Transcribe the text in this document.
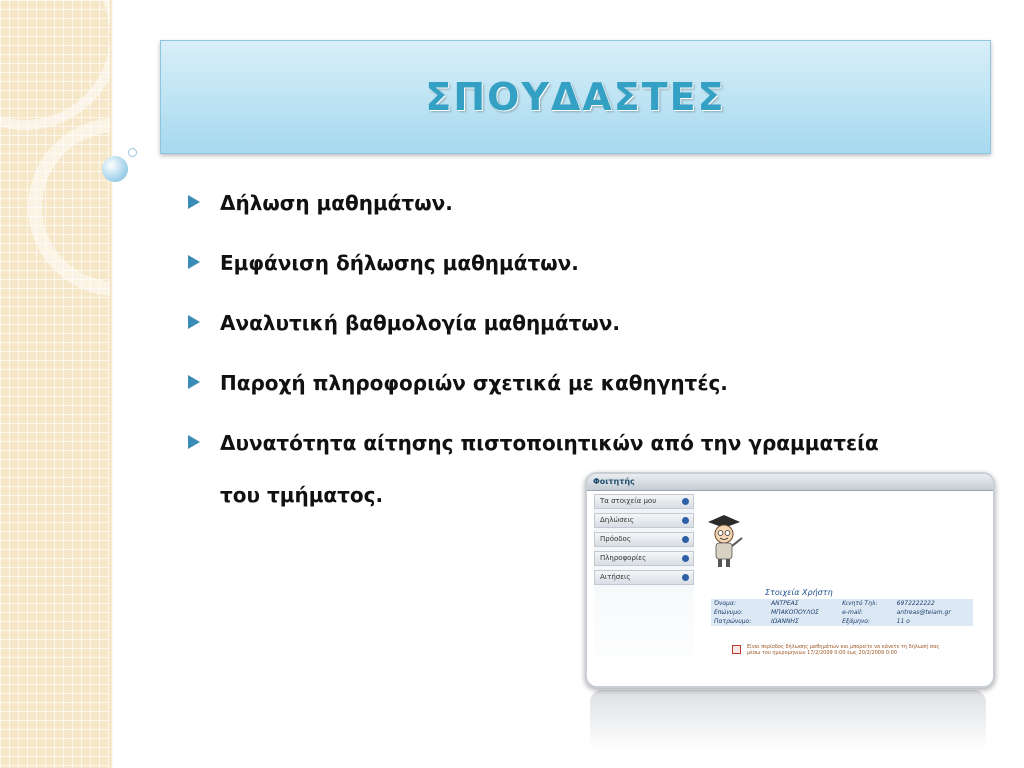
ΣΠΟΥΔΑΣΤΕΣ
Δήλωση μαθημάτων.
Εμφάνιση δήλωσης μαθημάτων.
Αναλυτική βαθμολογία μαθημάτων.
Παροχή πληροφοριών σχετικά με καθηγητές.
Δυνατότητα αίτησης πιστοποιητικών από την γραμματεία
του τμήματος.
Φοιτητής
Τα στοιχεία μου
Δηλώσεις
Πρόοδος
Πληροφορίες
Αιτήσεις
Στοιχεία Χρήστη
Όνομα:	ΑΝΤΡΕΑΣ	Κινητό Τηλ:	6972222222
Επώνυμο:	ΜΠΑΚΟΠΟΥΛΟΣ	e-mail:	antreas@teiam.gr
Πατρώνυμο:	ΙΩΑΝΝΗΣ	Εξάμηνο:	11 ο
Είναι περίοδος δήλωσης μαθημάτων και μπορείτε να κάνετε τη δήλωσή σας μέσω του ημερομηνιών 17/2/2009 0:00 έως 20/2/2009 0:00
